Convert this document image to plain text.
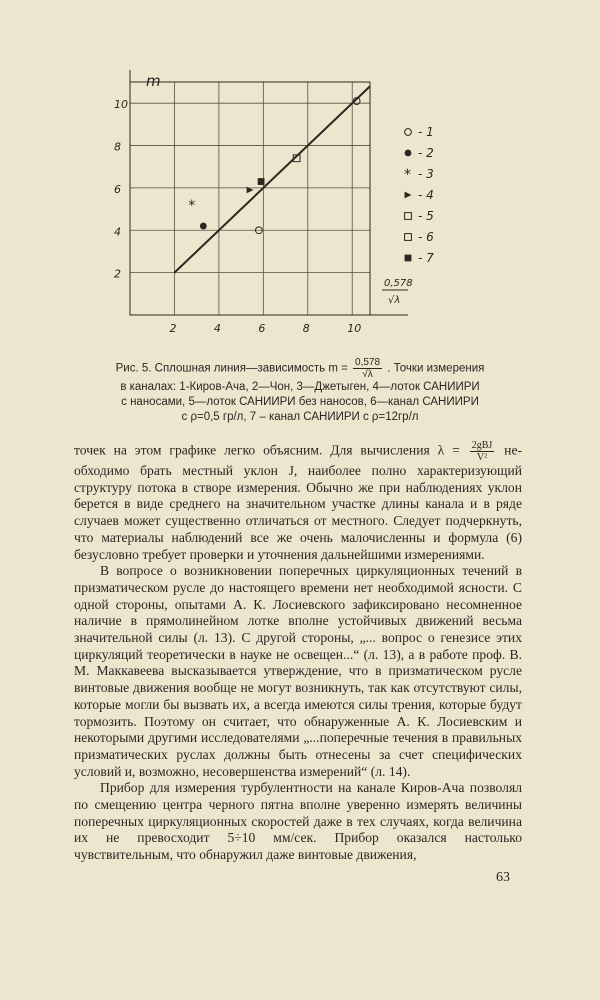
*
2
4
6
8
10
2	4	6	8	10
- 1
- 2
* - 3
- 4
- 5
- 6
- 7
m
0,578
√λ
Рис. 5. Сплошная линия—зависимость $m = \frac{0,578}{√\lambda}$ . Точки измерения
в каналах: 1-Киров-Ача, 2—Чон, 3—Джетыген, 4—лоток САНИИРИ
с наносами, 5—лоток САНИИРИ без наносов, 6—канал САНИИРИ
с ρ=0,5 гр/л, 7 – канал САНИИРИ с ρ=12гр/л

точек на этом графике легко объясним. Для вычисления $\lambda = \frac{\text{2gBJ}}{\text{V²}}$ не-обходимо брать местный уклон J, наиболее полно характеризующий структуру потока в створе измерения. Обычно же при наблюдениях уклон берется в виде среднего на значительном участке длины канала и в ряде случаев может существенно отличаться от местного. Следует подчеркнуть, что материалы наблюдений все же очень малочисленны и формула (6) безусловно требует проверки и уточнения дальнейшими измерениями.

В вопросе о возникновении поперечных циркуляционных течений в призматическом русле до настоящего времени нет необходимой ясности. С одной стороны, опытами А. К. Лосиевского зафиксировано несомненное наличие в прямолинейном лотке вполне устойчивых движений весьма значительной силы (л. 13). С другой стороны, „... вопрос о генезисе этих циркуляций теоретически в науке не освещен...“ (л. 13), а в работе проф. В. М. Маккавеева высказывается утверждение, что в призматическом русле винтовые движения вообще не могут возникнуть, так как отсутствуют силы, которые могли бы вызвать их, а всегда имеются силы трения, которые будут тормозить. Поэтому он считает, что обнаруженные А. К. Лосиевским и некоторыми другими исследователями „...поперечные течения в правильных призматических руслах должны быть отнесены за счет специфических условий и, возможно, несовершенства измерений“ (л. 14).

Прибор для измерения турбулентности на канале Киров-Ача позволял по смещению центра черного пятна вполне уверенно измерять величины поперечных циркуляционных скоростей даже в тех случаях, когда величина их не превосходит 5÷10 мм/сек. Прибор оказался настолько чувствительным, что обнаружил даже винтовые движения,

63
